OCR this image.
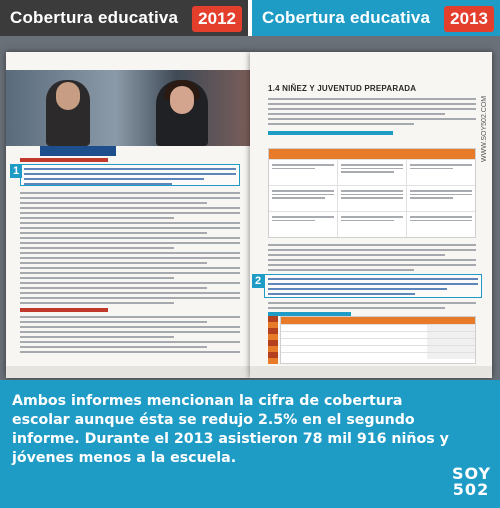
Cobertura educativa	2012	Cobertura educativa	2013
1
1.4 NIÑEZ Y JUVENTUD PREPARADA
WWW.SOY502.COM
2

Ambos informes mencionan la cifra de cobertura escolar aunque ésta se redujo 2.5% en el segundo informe. Durante el 2013 asistieron 78 mil 916 niños y jóvenes menos a la escuela.

SOY
502
